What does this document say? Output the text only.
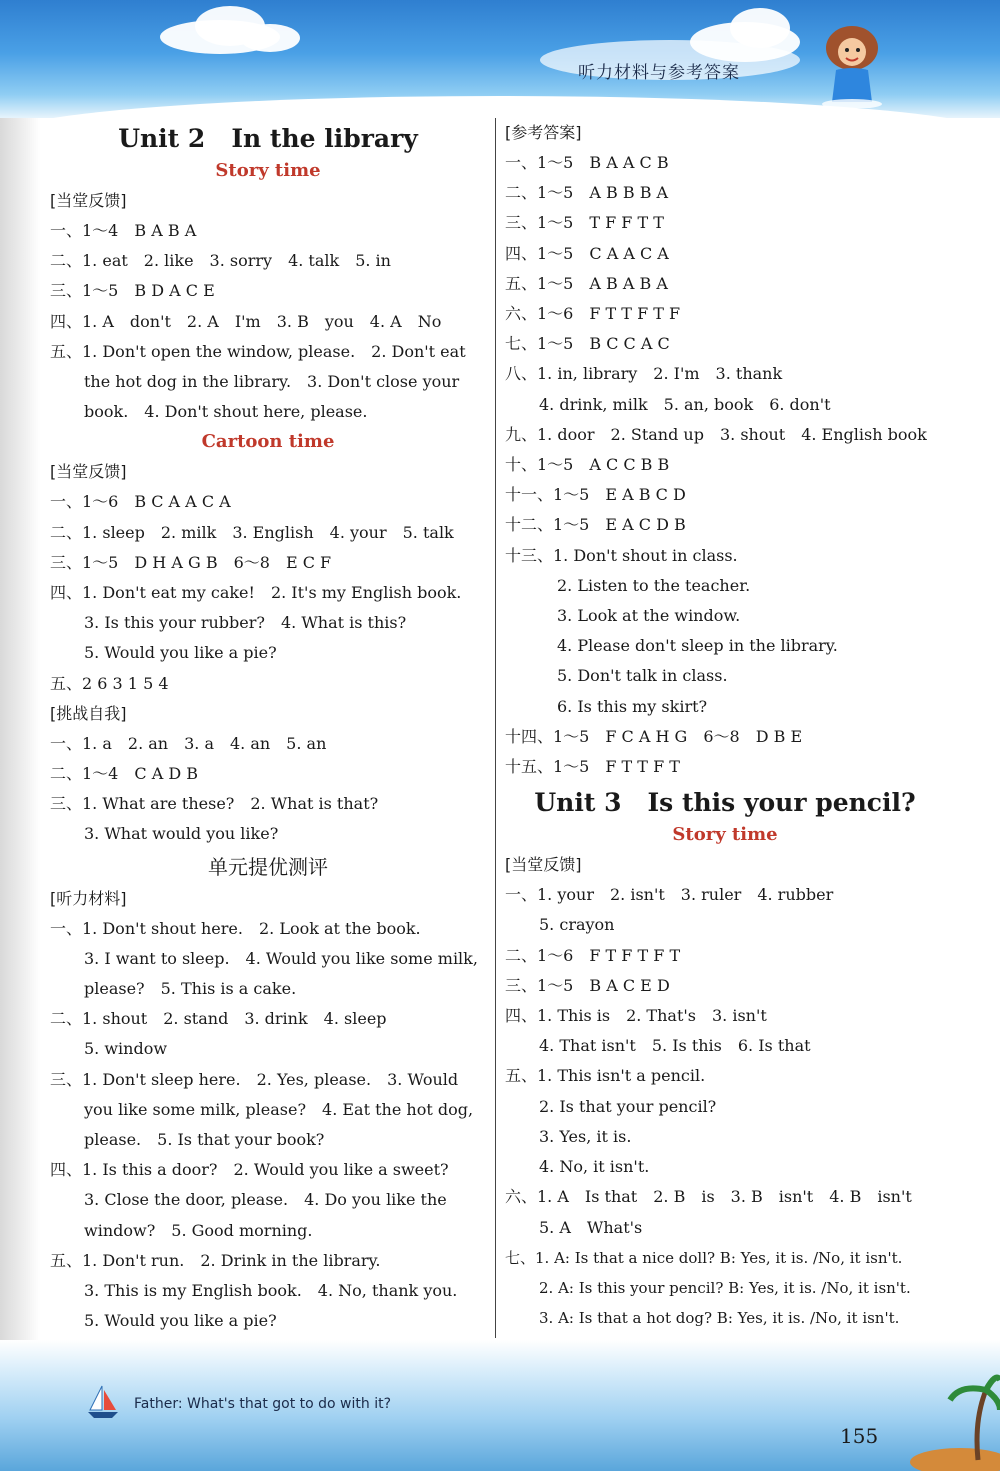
听力材料与参考答案
Unit 2 In the library

Story time

[当堂反馈]

一、1～4　B A B A

二、1. eat　2. like　3. sorry　4. talk　5. in

三、1～5　B D A C E

四、1. A　don't　2. A　I'm　3. B　you　4. A　No

五、1. Don't open the window, please.　2. Don't eat

the hot dog in the library.　3. Don't close your

book.　4. Don't shout here, please.

Cartoon time

[当堂反馈]

一、1～6　B C A A C A

二、1. sleep　2. milk　3. English　4. your　5. talk

三、1～5　D H A G B　6～8　E C F

四、1. Don't eat my cake!　2. It's my English book.

3. Is this your rubber?　4. What is this?

5. Would you like a pie?

五、2 6 3 1 5 4

[挑战自我]

一、1. a　2. an　3. a　4. an　5. an

二、1～4　C A D B

三、1. What are these?　2. What is that?

3. What would you like?

单元提优测评

[听力材料]

一、1. Don't shout here.　2. Look at the book.

3. I want to sleep.　4. Would you like some milk,

please?　5. This is a cake.

二、1. shout　2. stand　3. drink　4. sleep

5. window

三、1. Don't sleep here.　2. Yes, please.　3. Would

you like some milk, please?　4. Eat the hot dog,

please.　5. Is that your book?

四、1. Is this a door?　2. Would you like a sweet?

3. Close the door, please.　4. Do you like the

window?　5. Good morning.

五、1. Don't run.　2. Drink in the library.

3. This is my English book.　4. No, thank you.

5. Would you like a pie?

[参考答案]

一、1～5　B A A C B

二、1～5　A B B B A

三、1～5　T F F T T

四、1～5　C A A C A

五、1～5　A B A B A

六、1～6　F T T F T F

七、1～5　B C C A C

八、1. in, library　2. I'm　3. thank

4. drink, milk　5. an, book　6. don't

九、1. door　2. Stand up　3. shout　4. English book

十、1～5　A C C B B

十一、1～5　E A B C D

十二、1～5　E A C D B

十三、1. Don't shout in class.

2. Listen to the teacher.

3. Look at the window.

4. Please don't sleep in the library.

5. Don't talk in class.

6. Is this my skirt?

十四、1～5　F C A H G　6～8　D B E

十五、1～5　F T T F T

Unit 3 Is this your pencil?

Story time

[当堂反馈]

一、1. your　2. isn't　3. ruler　4. rubber

5. crayon

二、1～6　F T F T F T

三、1～5　B A C E D

四、1. This is　2. That's　3. isn't

4. That isn't　5. Is this　6. Is that

五、1. This isn't a pencil.

2. Is that your pencil?

3. Yes, it is.

4. No, it isn't.

六、1. A　Is that　2. B　is　3. B　isn't　4. B　isn't

5. A　What's

七、1. A: Is that a nice doll? B: Yes, it is. /No, it isn't.

2. A: Is this your pencil? B: Yes, it is. /No, it isn't.

3. A: Is that a hot dog? B: Yes, it is. /No, it isn't.

Father: What's that got to do with it?
155
